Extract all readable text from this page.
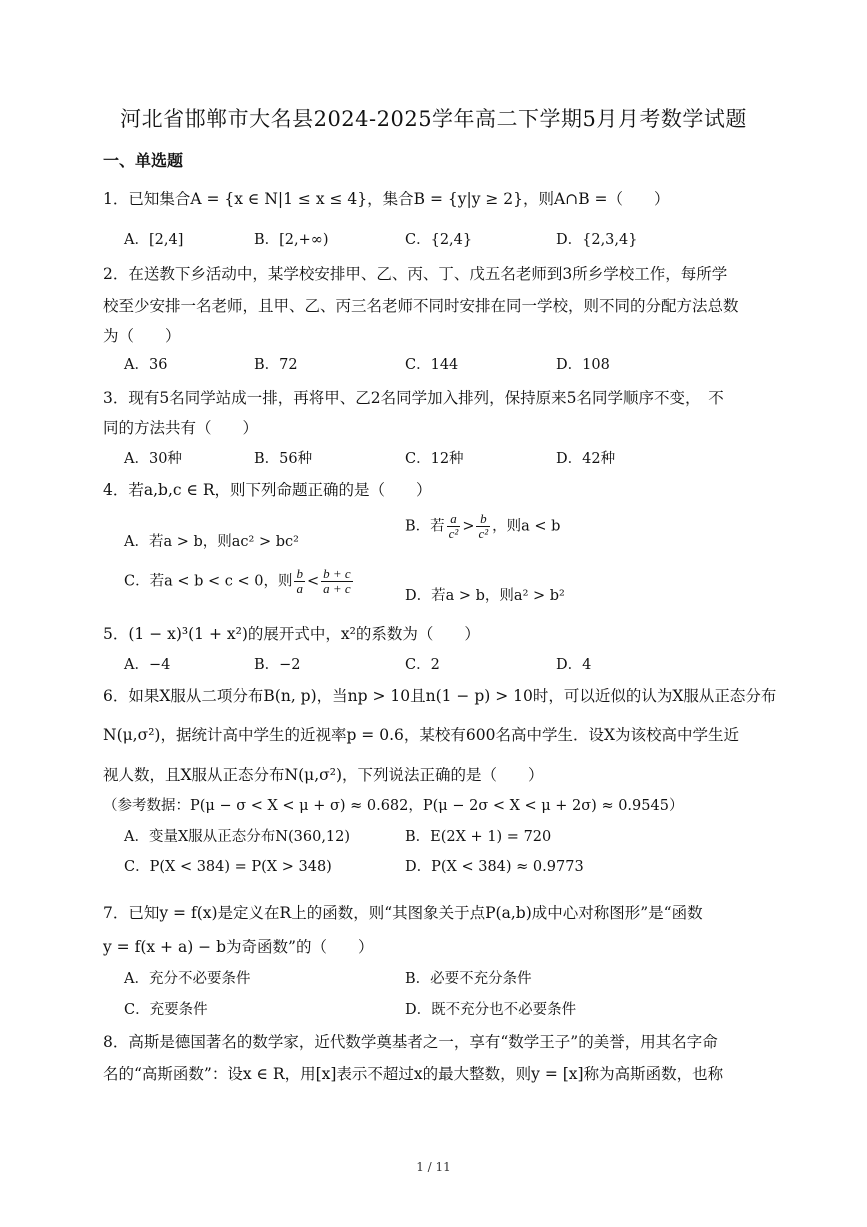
河北省邯郸市大名县2024-2025学年高二下学期5月月考数学试题
一、单选题
1．已知集合A = {x ∈ N|1 ≤ x ≤ 4}，集合B = {y|y ≥ 2}，则A∩B =（　　）
A．[2,4]	B．[2,+∞)	C．{2,4}	D．{2,3,4}
2．在送教下乡活动中，某学校安排甲、乙、丙、丁、戊五名老师到3所乡学校工作，每所学
校至少安排一名老师，且甲、乙、丙三名老师不同时安排在同一学校，则不同的分配方法总数
为（　　）
A．36	B．72	C．144	D．108
3．现有5名同学站成一排，再将甲、乙2名同学加入排列，保持原来5名同学顺序不变，　不
同的方法共有（　　）
A．30种	B．56种	C．12种	D．42种
4．若a,b,c ∈ R，则下列命题正确的是（　　）
A．若a > b，则ac² > bc²
B．若 $\frac{a}{\text{c²}} > \frac{b}{\text{c²}}$ ，则a < b
C．若a < b < c < 0，则 $\frac{b}{a} < \frac{b + c}{a + c}$	D．若a > b，则a² > b²
5．(1 − x)³(1 + x²)的展开式中，x²的系数为（　　）
A．−4	B．−2	C．2	D．4
6．如果X服从二项分布B(n, p)，当np > 10且n(1 − p) > 10时，可以近似的认为X服从正态分布
N(μ,σ²)，据统计高中学生的近视率p = 0.6，某校有600名高中学生．设X为该校高中学生近
视人数，且X服从正态分布N(μ,σ²)，下列说法正确的是（　　）
（参考数据：P(μ − σ < X < μ + σ) ≈ 0.682，P(μ − 2σ < X < μ + 2σ) ≈ 0.9545）
A．变量X服从正态分布N(360,12)	B．E(2X + 1) = 720
C．P(X < 384) = P(X > 348)	D．P(X < 384) ≈ 0.9773
7．已知y = f(x)是定义在R上的函数，则“其图象关于点P(a,b)成中心对称图形”是“函数
y = f(x + a) − b为奇函数”的（　　）
A．充分不必要条件	B．必要不充分条件
C．充要条件	D．既不充分也不必要条件
8．高斯是德国著名的数学家，近代数学奠基者之一，享有“数学王子”的美誉，用其名字命
名的“高斯函数”：设x ∈ R，用[x]表示不超过x的最大整数，则y = [x]称为高斯函数，也称
1 / 11
